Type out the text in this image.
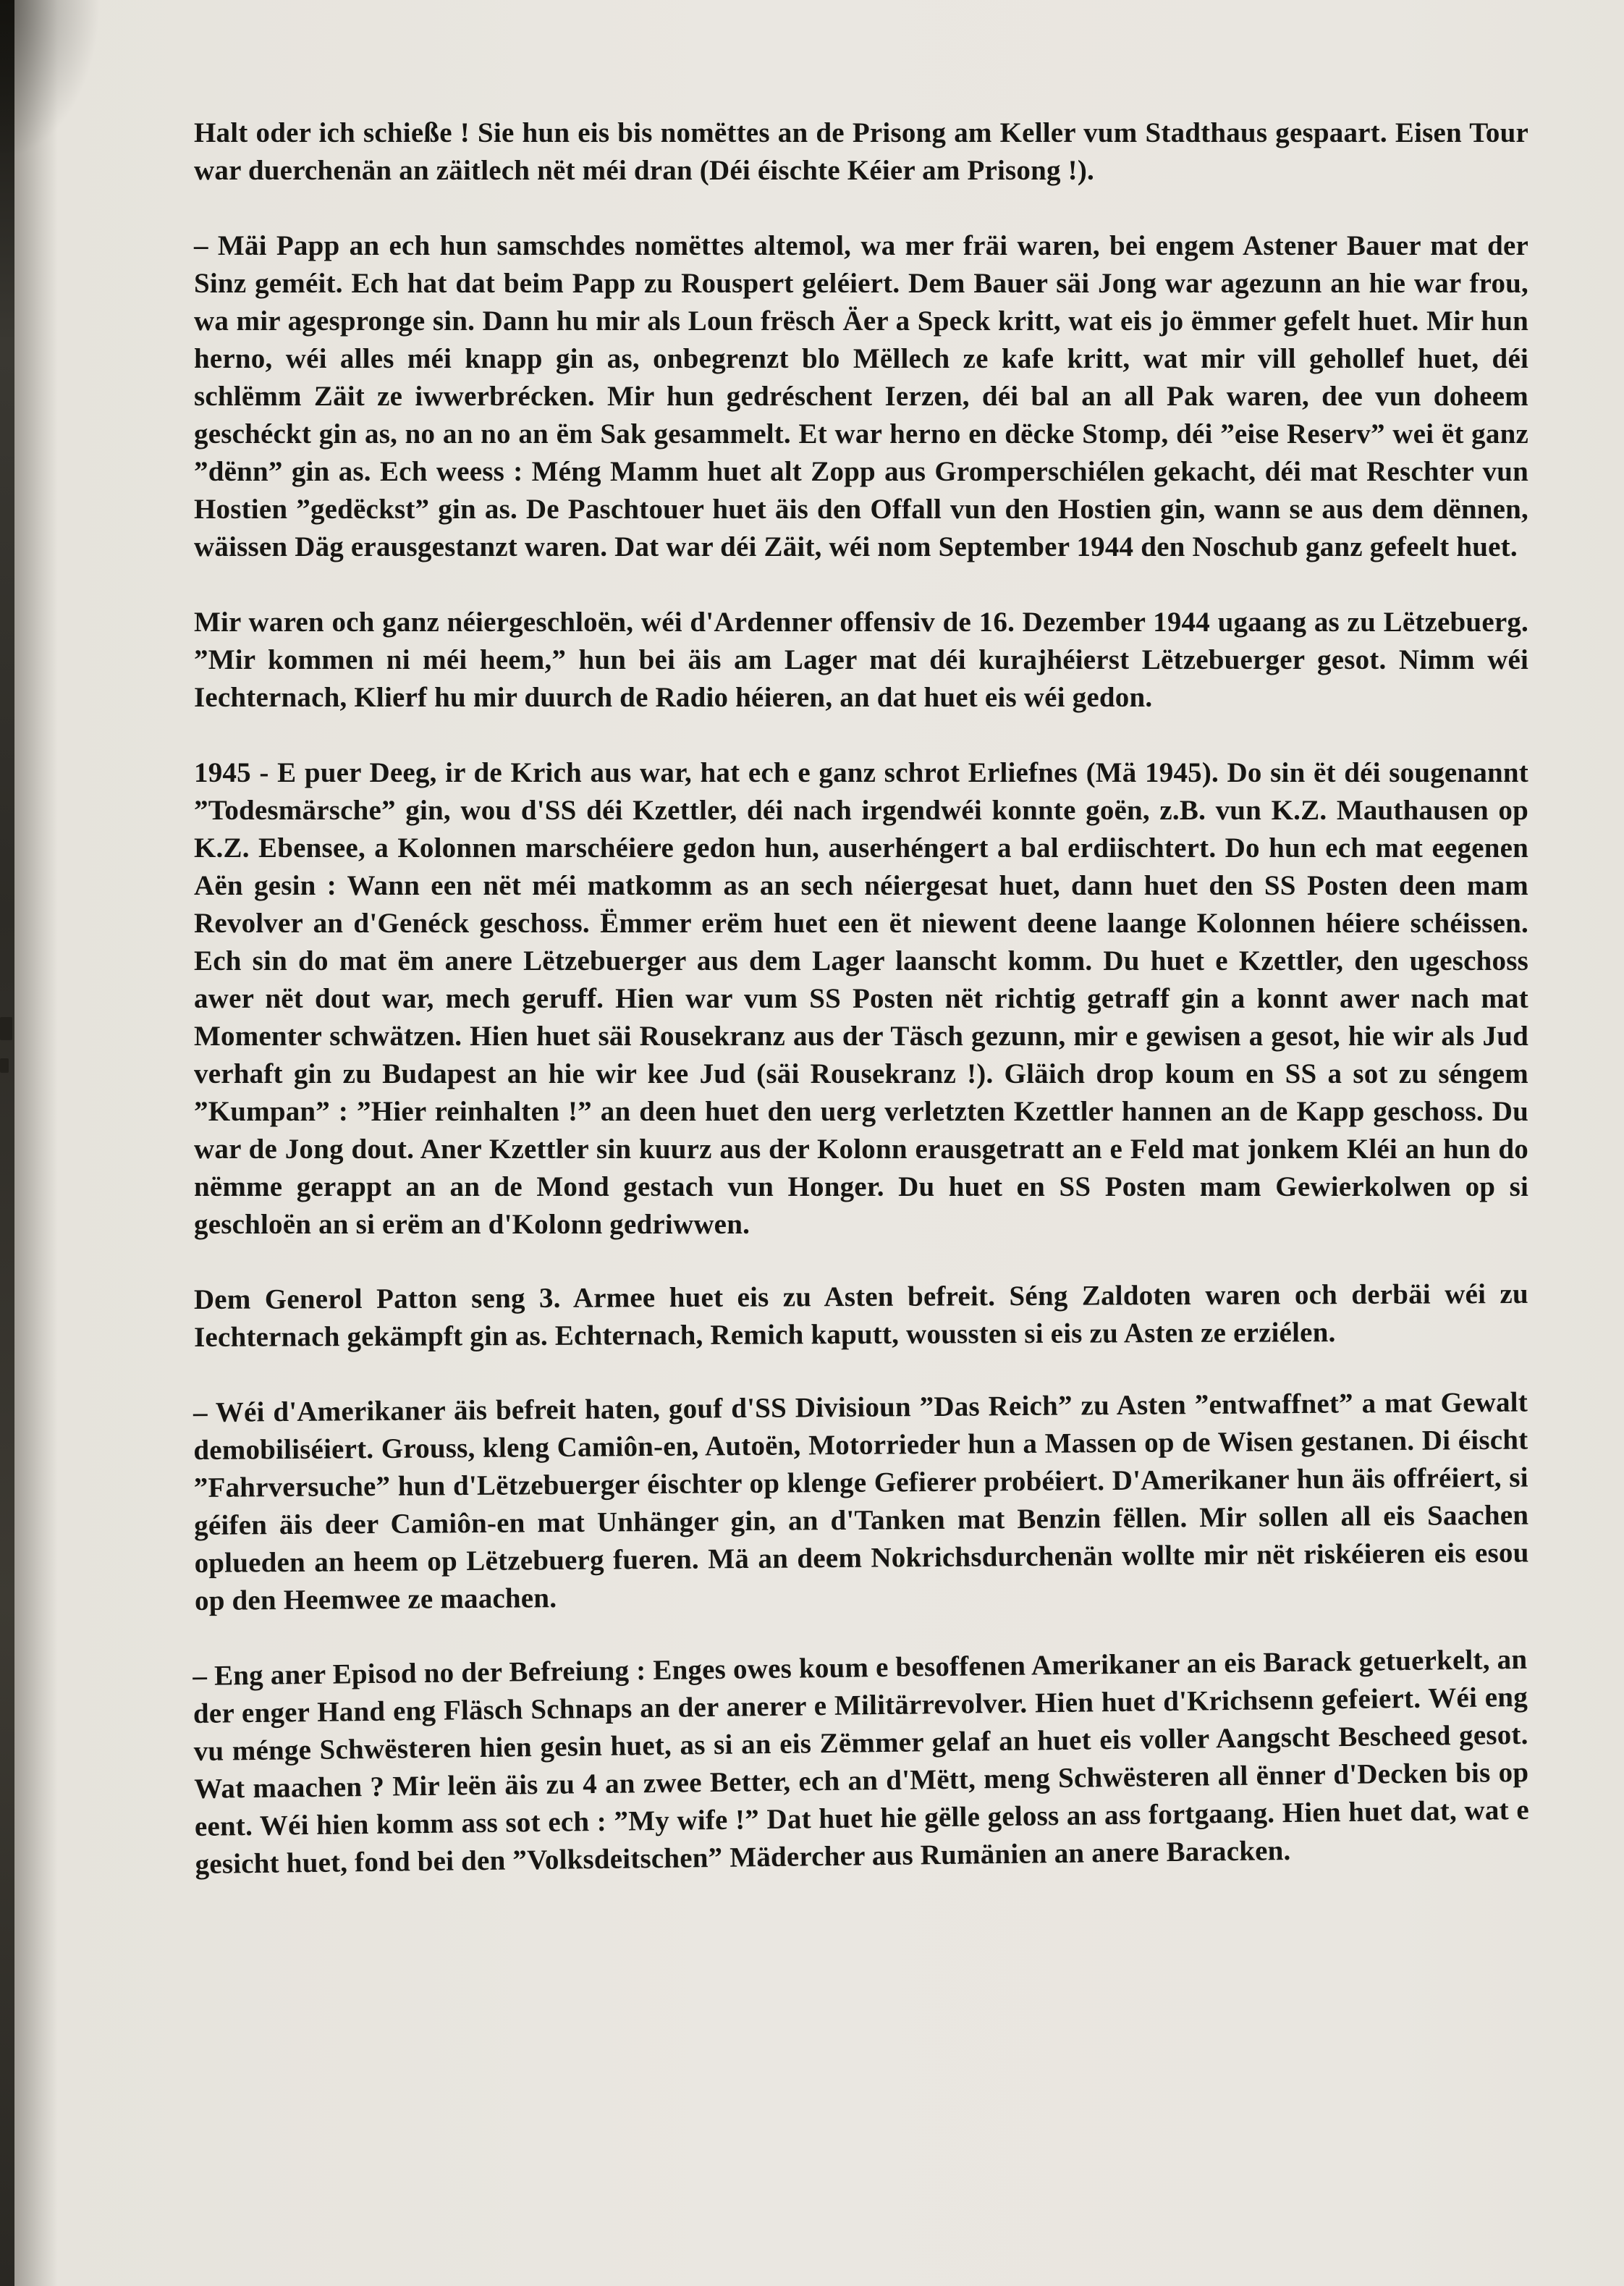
Halt oder ich schieße ! Sie hun eis bis nomëttes an de Prisong am Keller vum Stadthaus gespaart. Eisen Tour war duerchenän an zäitlech nët méi dran (Déi éischte Kéier am Prisong !).

– Mäi Papp an ech hun samschdes nomëttes altemol, wa mer fräi waren, bei engem Astener Bauer mat der Sinz geméit. Ech hat dat beim Papp zu Rouspert geléiert. Dem Bauer säi Jong war agezunn an hie war frou, wa mir agespronge sin. Dann hu mir als Loun frësch Äer a Speck kritt, wat eis jo ëmmer gefelt huet. Mir hun herno, wéi alles méi knapp gin as, onbegrenzt blo Mëllech ze kafe kritt, wat mir vill gehollef huet, déi schlëmm Zäit ze iwwerbrécken. Mir hun gedréschent Ierzen, déi bal an all Pak waren, dee vun doheem geschéckt gin as, no an no an ëm Sak gesammelt. Et war herno en dëcke Stomp, déi ”eise Reserv” wei ët ganz ”dënn” gin as. Ech weess : Méng Mamm huet alt Zopp aus Gromperschiélen gekacht, déi mat Reschter vun Hostien ”gedëckst” gin as. De Paschtouer huet äis den Offall vun den Hostien gin, wann se aus dem dënnen, wäissen Däg erausgestanzt waren. Dat war déi Zäit, wéi nom September 1944 den Noschub ganz gefeelt huet.

Mir waren och ganz néiergeschloën, wéi d'Ardenner offensiv de 16. Dezember 1944 ugaang as zu Lëtzebuerg. ”Mir kommen ni méi heem,” hun bei äis am Lager mat déi kurajhéierst Lëtzebuerger gesot. Nimm wéi Iechternach, Klierf hu mir duurch de Radio héieren, an dat huet eis wéi gedon.

1945 - E puer Deeg, ir de Krich aus war, hat ech e ganz schrot Erliefnes (Mä 1945). Do sin ët déi sougenannt ”Todesmärsche” gin, wou d'SS déi Kzettler, déi nach irgendwéi konnte goën, z.B. vun K.Z. Mauthausen op K.Z. Ebensee, a Kolonnen marschéiere gedon hun, auserhéngert a bal erdiischtert. Do hun ech mat eegenen Aën gesin : Wann een nët méi matkomm as an sech néiergesat huet, dann huet den SS Posten deen mam Revolver an d'Genéck geschoss. Ëmmer erëm huet een ët niewent deene laange Kolonnen héiere schéissen. Ech sin do mat ëm anere Lëtzebuerger aus dem Lager laanscht komm. Du huet e Kzettler, den ugeschoss awer nët dout war, mech geruff. Hien war vum SS Posten nët richtig getraff gin a konnt awer nach mat Momenter schwätzen. Hien huet säi Rousekranz aus der Täsch gezunn, mir e gewisen a gesot, hie wir als Jud verhaft gin zu Budapest an hie wir kee Jud (säi Rousekranz !). Gläich drop koum en SS a sot zu séngem ”Kumpan” : ”Hier reinhalten !” an deen huet den uerg verletzten Kzettler hannen an de Kapp geschoss. Du war de Jong dout. Aner Kzettler sin kuurz aus der Kolonn erausgetratt an e Feld mat jonkem Kléi an hun do nëmme gerappt an an de Mond gestach vun Honger. Du huet en SS Posten mam Gewierkolwen op si geschloën an si erëm an d'Kolonn gedriwwen.

Dem Generol Patton seng 3. Armee huet eis zu Asten befreit. Séng Zaldoten waren och derbäi wéi zu Iechternach gekämpft gin as. Echternach, Remich kaputt, woussten si eis zu Asten ze erziélen.

– Wéi d'Amerikaner äis befreit haten, gouf d'SS Divisioun ”Das Reich” zu Asten ”entwaffnet” a mat Gewalt demobiliséiert. Grouss, kleng Camiôn-en, Autoën, Motorrieder hun a Massen op de Wisen gestanen. Di éischt ”Fahrversuche” hun d'Lëtzebuerger éischter op klenge Gefierer probéiert. D'Amerikaner hun äis offréiert, si géifen äis deer Camiôn-en mat Unhänger gin, an d'Tanken mat Benzin fëllen. Mir sollen all eis Saachen oplueden an heem op Lëtzebuerg fueren. Mä an deem Nokrichsdurchenän wollte mir nët riskéieren eis esou op den Heemwee ze maachen.

– Eng aner Episod no der Befreiung : Enges owes koum e besoffenen Amerikaner an eis Barack getuerkelt, an der enger Hand eng Fläsch Schnaps an der anerer e Militärrevolver. Hien huet d'Krichsenn gefeiert. Wéi eng vu ménge Schwësteren hien gesin huet, as si an eis Zëmmer gelaf an huet eis voller Aangscht Bescheed gesot. Wat maachen ? Mir leën äis zu 4 an zwee Better, ech an d'Mëtt, meng Schwësteren all ënner d'Decken bis op eent. Wéi hien komm ass sot ech : ”My wife !” Dat huet hie gëlle geloss an ass fortgaang. Hien huet dat, wat e gesicht huet, fond bei den ”Volksdeitschen” Mädercher aus Rumänien an anere Baracken.
